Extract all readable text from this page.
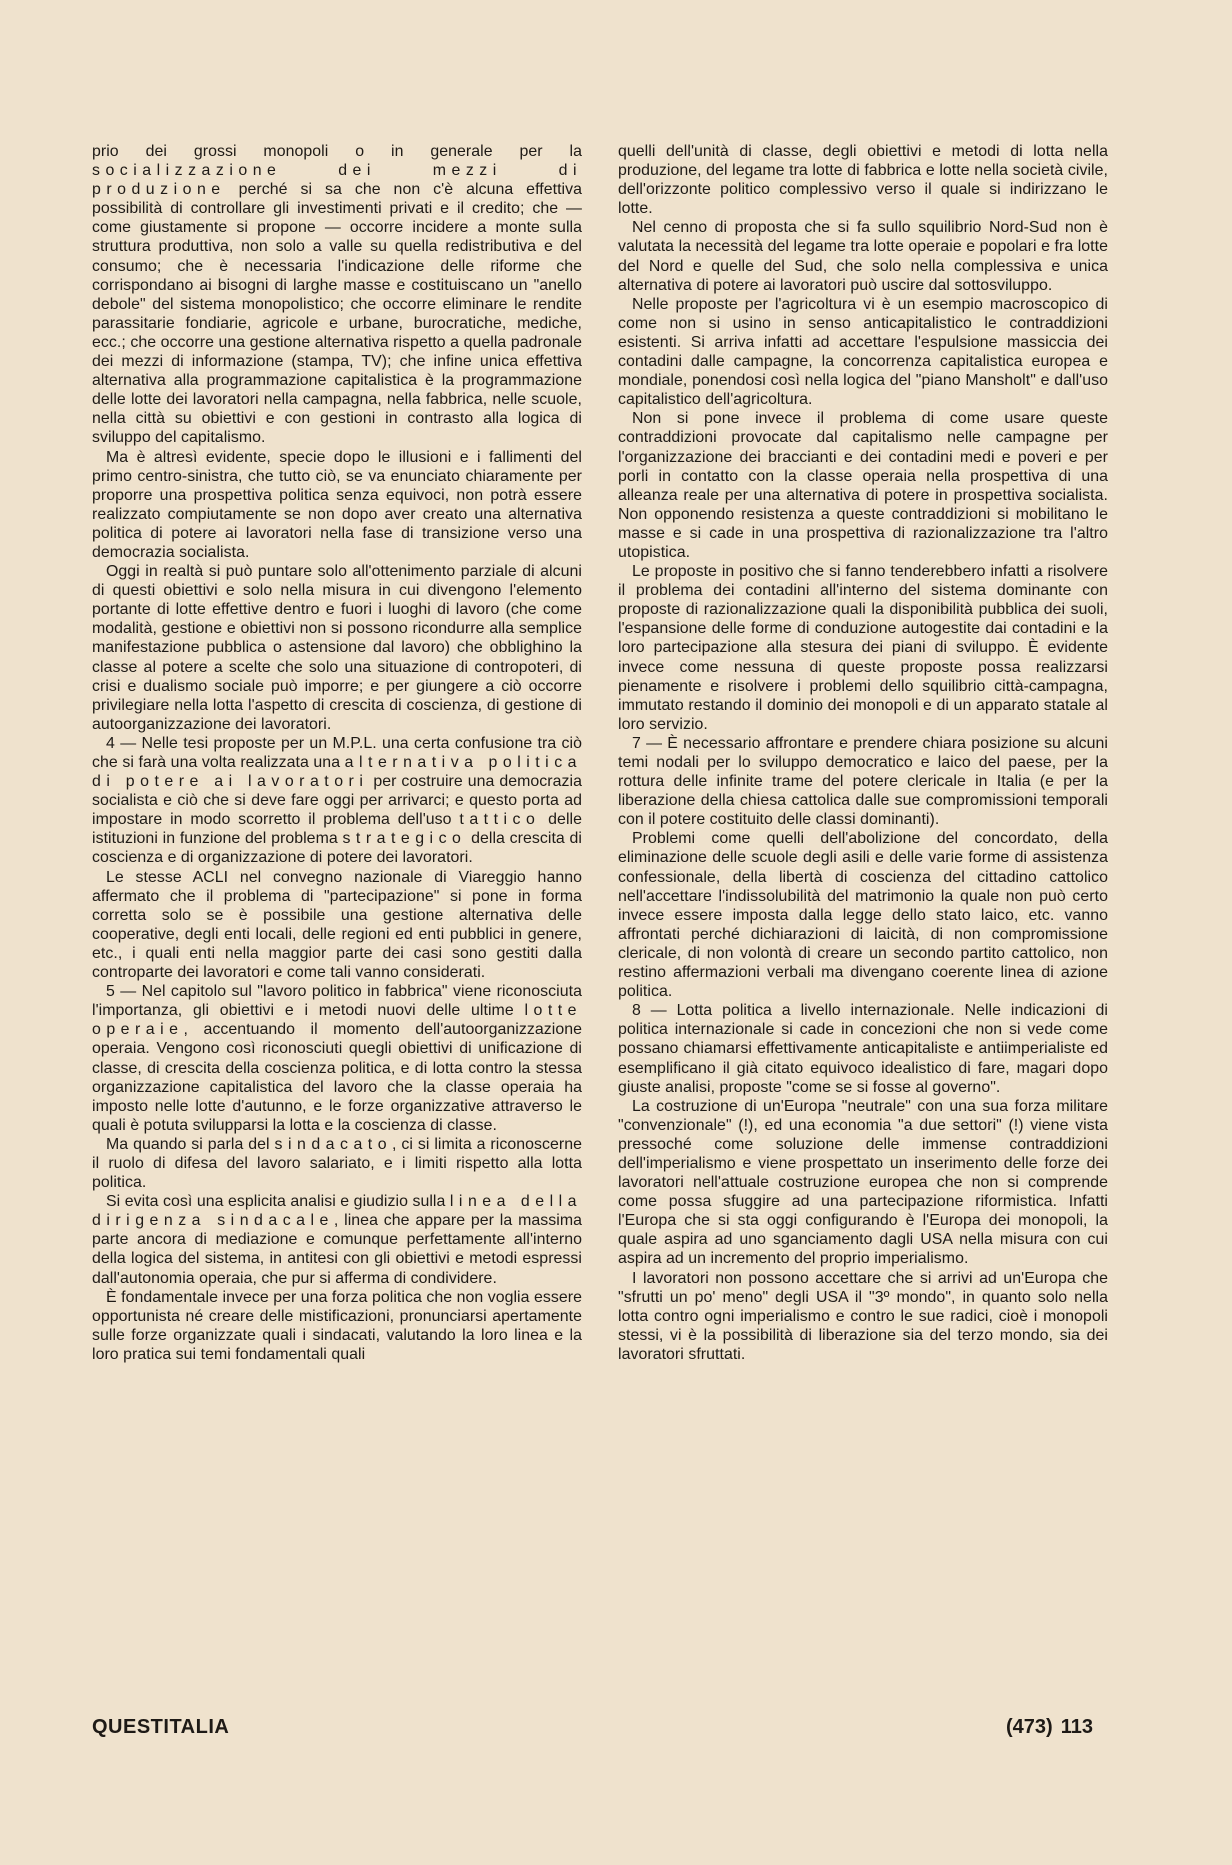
prio dei grossi monopoli o in generale per la socializzazione dei mezzi di produzione perché si sa che non c'è alcuna effettiva possibilità di controllare gli investimenti privati e il credito; che — come giustamente si propone — occorre incidere a monte sulla struttura produttiva, non solo a valle su quella redistributiva e del consumo; che è necessaria l'indicazione delle riforme che corrispondano ai bisogni di larghe masse e costituiscano un "anello debole" del sistema monopolistico; che occorre eliminare le rendite parassitarie fondiarie, agricole e urbane, burocratiche, mediche, ecc.; che occorre una gestione alternativa rispetto a quella padronale dei mezzi di informazione (stampa, TV); che infine unica effettiva alternativa alla programmazione capitalistica è la programmazione delle lotte dei lavoratori nella campagna, nella fabbrica, nelle scuole, nella città su obiettivi e con gestioni in contrasto alla logica di sviluppo del capitalismo.

Ma è altresì evidente, specie dopo le illusioni e i fallimenti del primo centro-sinistra, che tutto ciò, se va enunciato chiaramente per proporre una prospettiva politica senza equivoci, non potrà essere realizzato compiutamente se non dopo aver creato una alternativa politica di potere ai lavoratori nella fase di transizione verso una democrazia socialista.

Oggi in realtà si può puntare solo all'ottenimento parziale di alcuni di questi obiettivi e solo nella misura in cui divengono l'elemento portante di lotte effettive dentro e fuori i luoghi di lavoro (che come modalità, gestione e obiettivi non si possono ricondurre alla semplice manifestazione pubblica o astensione dal lavoro) che obblighino la classe al potere a scelte che solo una situazione di contropoteri, di crisi e dualismo sociale può imporre; e per giungere a ciò occorre privilegiare nella lotta l'aspetto di crescita di coscienza, di gestione di autoorganizzazione dei lavoratori.

4 — Nelle tesi proposte per un M.P.L. una certa confusione tra ciò che si farà una volta realizzata una alternativa politica di potere ai lavoratori per costruire una democrazia socialista e ciò che si deve fare oggi per arrivarci; e questo porta ad impostare in modo scorretto il problema dell'uso tattico delle istituzioni in funzione del problema strategico della crescita di coscienza e di organizzazione di potere dei lavoratori.

Le stesse ACLI nel convegno nazionale di Viareggio hanno affermato che il problema di "partecipazione" si pone in forma corretta solo se è possibile una gestione alternativa delle cooperative, degli enti locali, delle regioni ed enti pubblici in genere, etc., i quali enti nella maggior parte dei casi sono gestiti dalla controparte dei lavoratori e come tali vanno considerati.

5 — Nel capitolo sul "lavoro politico in fabbrica" viene riconosciuta l'importanza, gli obiettivi e i metodi nuovi delle ultime lotte operaie, accentuando il momento dell'autoorganizzazione operaia. Vengono così riconosciuti quegli obiettivi di unificazione di classe, di crescita della coscienza politica, e di lotta contro la stessa organizzazione capitalistica del lavoro che la classe operaia ha imposto nelle lotte d'autunno, e le forze organizzative attraverso le quali è potuta svilupparsi la lotta e la coscienza di classe.

Ma quando si parla del sindacato, ci si limita a riconoscerne il ruolo di difesa del lavoro salariato, e i limiti rispetto alla lotta politica.

Si evita così una esplicita analisi e giudizio sulla linea della dirigenza sindacale, linea che appare per la massima parte ancora di mediazione e comunque perfettamente all'interno della logica del sistema, in antitesi con gli obiettivi e metodi espressi dall'autonomia operaia, che pur si afferma di condividere.

È fondamentale invece per una forza politica che non voglia essere opportunista né creare delle mistificazioni, pronunciarsi apertamente sulle forze organizzate quali i sindacati, valutando la loro linea e la loro pratica sui temi fondamentali quali

quelli dell'unità di classe, degli obiettivi e metodi di lotta nella produzione, del legame tra lotte di fabbrica e lotte nella società civile, dell'orizzonte politico complessivo verso il quale si indirizzano le lotte.

Nel cenno di proposta che si fa sullo squilibrio Nord-Sud non è valutata la necessità del legame tra lotte operaie e popolari e fra lotte del Nord e quelle del Sud, che solo nella complessiva e unica alternativa di potere ai lavoratori può uscire dal sottosviluppo.

Nelle proposte per l'agricoltura vi è un esempio macroscopico di come non si usino in senso anticapitalistico le contraddizioni esistenti. Si arriva infatti ad accettare l'espulsione massiccia dei contadini dalle campagne, la concorrenza capitalistica europea e mondiale, ponendosi così nella logica del "piano Mansholt" e dall'uso capitalistico dell'agricoltura.

Non si pone invece il problema di come usare queste contraddizioni provocate dal capitalismo nelle campagne per l'organizzazione dei braccianti e dei contadini medi e poveri e per porli in contatto con la classe operaia nella prospettiva di una alleanza reale per una alternativa di potere in prospettiva socialista. Non opponendo resistenza a queste contraddizioni si mobilitano le masse e si cade in una prospettiva di razionalizzazione tra l'altro utopistica.

Le proposte in positivo che si fanno tenderebbero infatti a risolvere il problema dei contadini all'interno del sistema dominante con proposte di razionalizzazione quali la disponibilità pubblica dei suoli, l'espansione delle forme di conduzione autogestite dai contadini e la loro partecipazione alla stesura dei piani di sviluppo. È evidente invece come nessuna di queste proposte possa realizzarsi pienamente e risolvere i problemi dello squilibrio città-campagna, immutato restando il dominio dei monopoli e di un apparato statale al loro servizio.

7 — È necessario affrontare e prendere chiara posizione su alcuni temi nodali per lo sviluppo democratico e laico del paese, per la rottura delle infinite trame del potere clericale in Italia (e per la liberazione della chiesa cattolica dalle sue compromissioni temporali con il potere costituito delle classi dominanti).

Problemi come quelli dell'abolizione del concordato, della eliminazione delle scuole degli asili e delle varie forme di assistenza confessionale, della libertà di coscienza del cittadino cattolico nell'accettare l'indissolubilità del matrimonio la quale non può certo invece essere imposta dalla legge dello stato laico, etc. vanno affrontati perché dichiarazioni di laicità, di non compromissione clericale, di non volontà di creare un secondo partito cattolico, non restino affermazioni verbali ma divengano coerente linea di azione politica.

8 — Lotta politica a livello internazionale. Nelle indicazioni di politica internazionale si cade in concezioni che non si vede come possano chiamarsi effettivamente anticapitaliste e antiimperialiste ed esemplificano il già citato equivoco idealistico di fare, magari dopo giuste analisi, proposte "come se si fosse al governo".

La costruzione di un'Europa "neutrale" con una sua forza militare "convenzionale" (!), ed una economia "a due settori" (!) viene vista pressoché come soluzione delle immense contraddizioni dell'imperialismo e viene prospettato un inserimento delle forze dei lavoratori nell'attuale costruzione europea che non si comprende come possa sfuggire ad una partecipazione riformistica. Infatti l'Europa che si sta oggi configurando è l'Europa dei monopoli, la quale aspira ad uno sganciamento dagli USA nella misura con cui aspira ad un incremento del proprio imperialismo.

I lavoratori non possono accettare che si arrivi ad un'Europa che "sfrutti un po' meno" degli USA il "3º mondo", in quanto solo nella lotta contro ogni imperialismo e contro le sue radici, cioè i monopoli stessi, vi è la possibilità di liberazione sia del terzo mondo, sia dei lavoratori sfruttati.

QUESTITALIA	(473) 113
